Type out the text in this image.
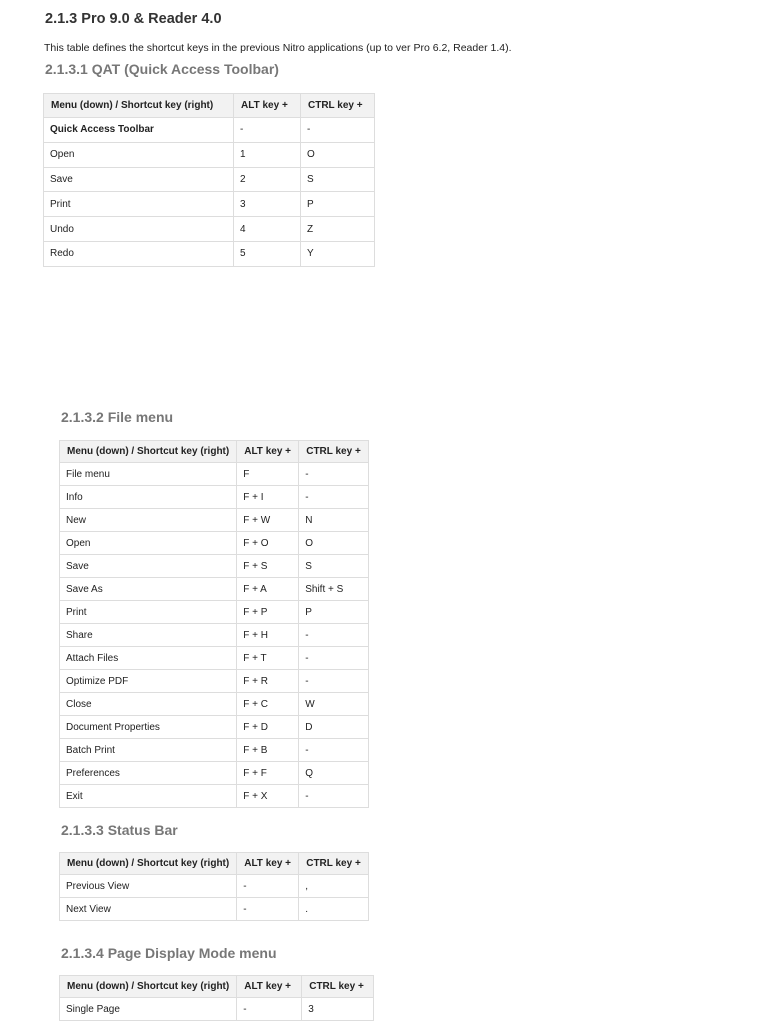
2.1.3 Pro 9.0 & Reader 4.0

This table defines the shortcut keys in the previous Nitro applications (up to ver Pro 6.2, Reader 1.4).

2.1.3.1 QAT (Quick Access Toolbar)
Menu (down) / Shortcut key (right)	ALT key +	CTRL key +
Quick Access Toolbar	-	-
Open	1	O
Save	2	S
Print	3	P
Undo	4	Z
Redo	5	Y
2.1.3.2 File menu
Menu (down) / Shortcut key (right)	ALT key +	CTRL key +
File menu	F	-
Info	F + I	-
New	F + W	N
Open	F + O	O
Save	F + S	S
Save As	F + A	Shift + S
Print	F + P	P
Share	F + H	-
Attach Files	F + T	-
Optimize PDF	F + R	-
Close	F + C	W
Document Properties	F + D	D
Batch Print	F + B	-
Preferences	F + F	Q
Exit	F + X	-
2.1.3.3 Status Bar
Menu (down) / Shortcut key (right)	ALT key +	CTRL key +
Previous View	-	,
Next View	-	.
2.1.3.4 Page Display Mode menu
Menu (down) / Shortcut key (right)	ALT key +	CTRL key +
Single Page	-	3
